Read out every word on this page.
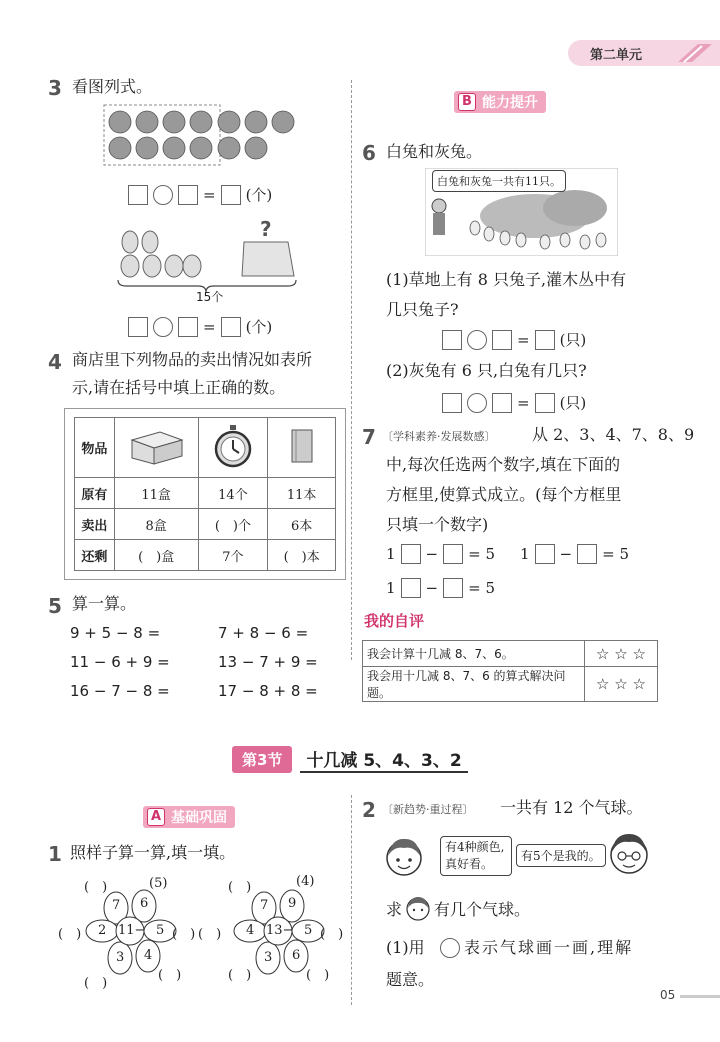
第二单元
3 看图列式。
= (个)
?
15个
= (个)
4 商店里下列物品的卖出情况如表所
示,请在括号中填上正确的数。
物品			
原有	11盒	14个	11本
卖出	8盒	(　)个	6本
还剩	(　)盒	7个	(　)本
5 算一算。
9 + 5 − 8 =	7 + 8 − 6 =
11 − 6 + 9 =	13 − 7 + 9 =
16 − 7 − 8 =	17 − 8 + 8 =
B 能力提升
6 白兔和灰兔。
白兔和灰兔一共有11只。
(1)草地上有 8 只兔子,灌木丛中有
几只兔子?
= (只)
(2)灰兔有 6 只,白兔有几只?
= (只)
7 〔学科素养·发展数感〕 从 2、3、4、7、8、9
中,每次任选两个数字,填在下面的
方框里,使算式成立。(每个方框里
只填一个数字)
1 − = 5 1 − = 5
1 − = 5
我的自评
我会计算十几减 8、7、6。	☆ ☆ ☆
我会用十几减 8、7、6 的算式解决问题。	☆ ☆ ☆
第3节	十几减 5、4、3、2
A 基础巩固
1 照样子算一算,填一填。
11−
7 6
5
4
3
2
(　)	(5)
(　)
(　)
(　)
(　)	13−
7 9
5
6
3
4
(　)	(4)
(　)
(　)
(　)
(　)
2 〔新趋势·重过程〕 一共有 12 个气球。
有4种颜色,
真好看。
有5个是我的。
求 有几个气球。
(1)用 表示气球画一画,理解
题意。
05
